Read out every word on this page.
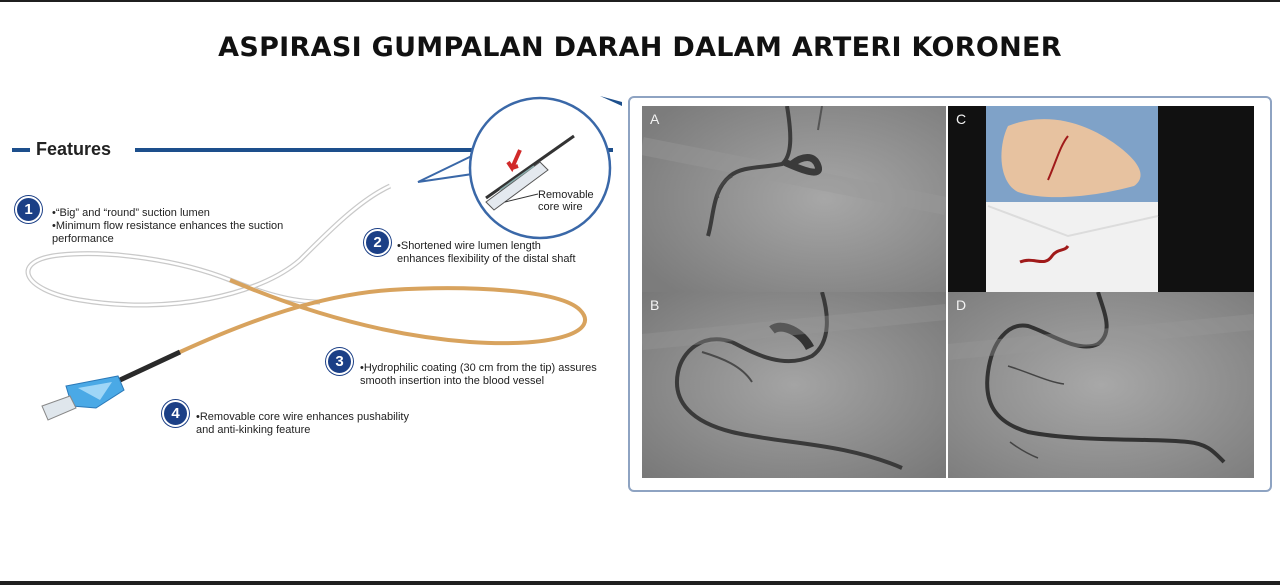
ASPIRASI GUMPALAN DARAH DALAM ARTERI KORONER
Features
Removable
core wire
1	•“Big” and “round” suction lumen
•Minimum flow resistance enhances the suction
performance	2	•Shortened wire lumen length
enhances flexibility of the distal shaft
3	•Hydrophilic coating (30 cm from the tip) assures
smooth insertion into the blood vessel
4	•Removable core wire enhances pushability
and anti-kinking feature
A	C
B	D
